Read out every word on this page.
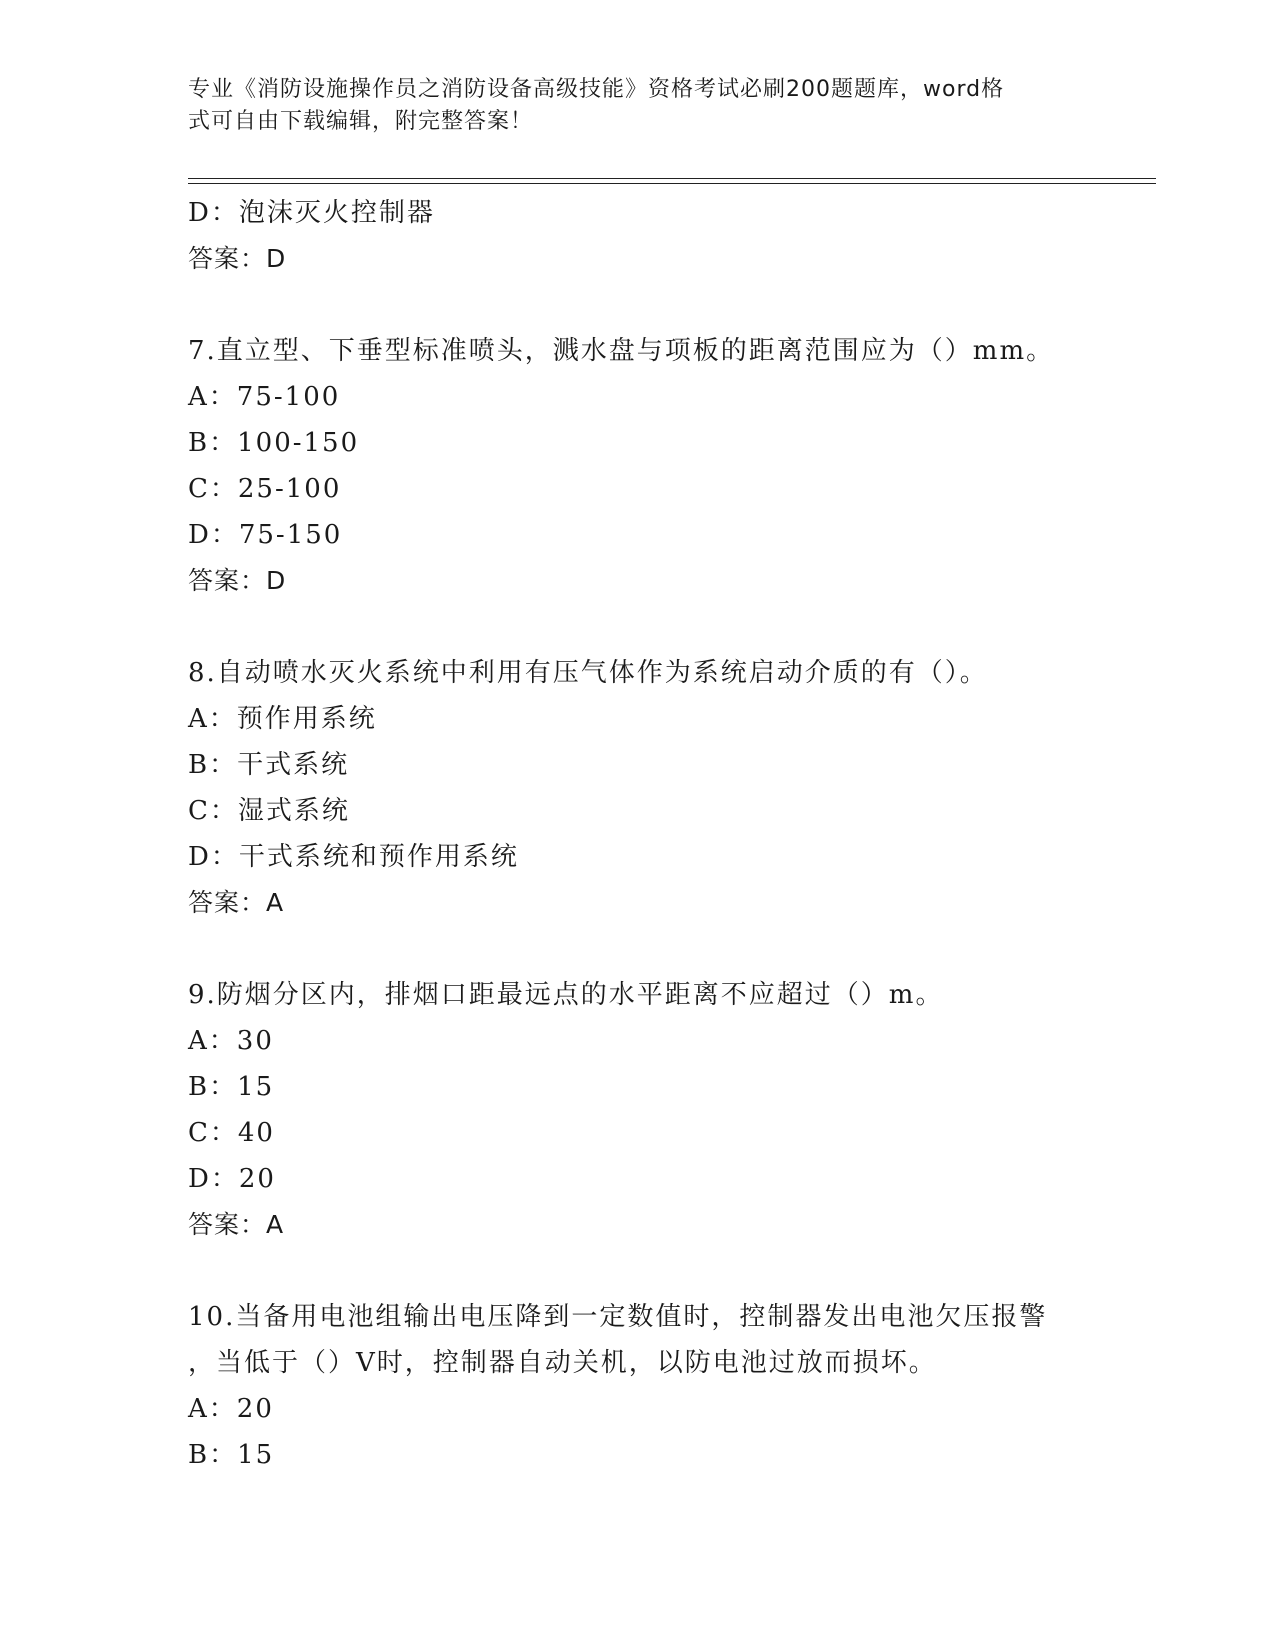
专业《消防设施操作员之消防设备高级技能》资格考试必刷200题题库，word格
式可自由下载编辑，附完整答案！
D：泡沫灭火控制器
答案：D
7.直立型、下垂型标准喷头，溅水盘与项板的距离范围应为（）mm。
A：75-100
B：100-150
C：25-100
D：75-150
答案：D
8.自动喷水灭火系统中利用有压气体作为系统启动介质的有（）。
A：预作用系统
B：干式系统
C：湿式系统
D：干式系统和预作用系统
答案：A
9.防烟分区内，排烟口距最远点的水平距离不应超过（）m。
A：30
B：15
C：40
D：20
答案：A
10.当备用电池组输出电压降到一定数值时，控制器发出电池欠压报警
，当低于（）V时，控制器自动关机，以防电池过放而损坏。
A：20
B：15
